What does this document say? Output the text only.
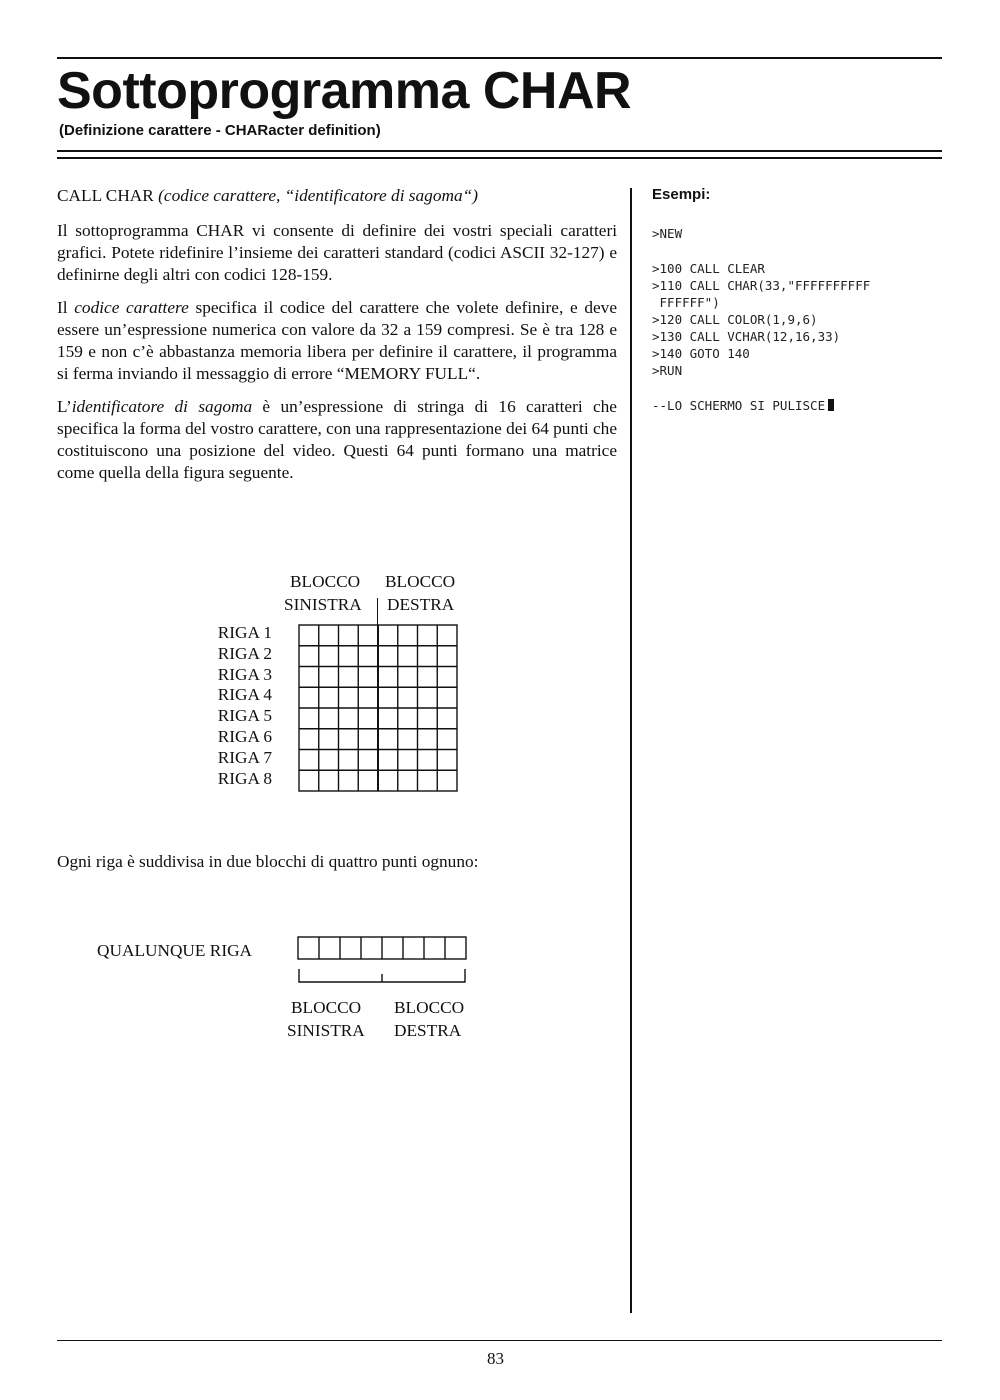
Sottoprogramma CHAR
(Definizione carattere - CHARacter definition)

CALL CHAR (codice carattere, “identificatore di sagoma“)

Il sottoprogramma CHAR vi consente di definire dei vostri speciali caratteri grafici. Potete ridefinire l’insieme dei caratteri standard (codici ASCII 32-127) e definirne degli altri con codici 128-159.

Il codice carattere specifica il codice del carattere che volete definire, e deve essere un’espressione numerica con valore da 32 a 159 compresi. Se è tra 128 e 159 e non c’è abbastanza memoria libera per definire il carattere, il programma si ferma inviando il messaggio di errore “MEMORY FULL“.

L’identificatore di sagoma è un’espressione di stringa di 16 caratteri che specifica la forma del vostro carattere, con una rappresentazione dei 64 punti che costituiscono una posizione del video. Questi 64 punti formano una matrice come quella della figura seguente.

Esempi:
>NEW
>100 CALL CLEAR
>110 CALL CHAR(33,"FFFFFFFFFF
FFFFFF")
>120 CALL COLOR(1,9,6)
>130 CALL VCHAR(12,16,33)
>140 GOTO 140
>RUN
--LO SCHERMO SI PULISCE
BLOCCO BLOCCO
SINISTRA DESTRA
RIGA 1
RIGA 2
RIGA 3
RIGA 4
RIGA 5
RIGA 6
RIGA 7
RIGA 8
Ogni riga è suddivisa in due blocchi di quattro punti ognuno:
QUALUNQUE RIGA
BLOCCO BLOCCO
SINISTRA DESTRA
83
